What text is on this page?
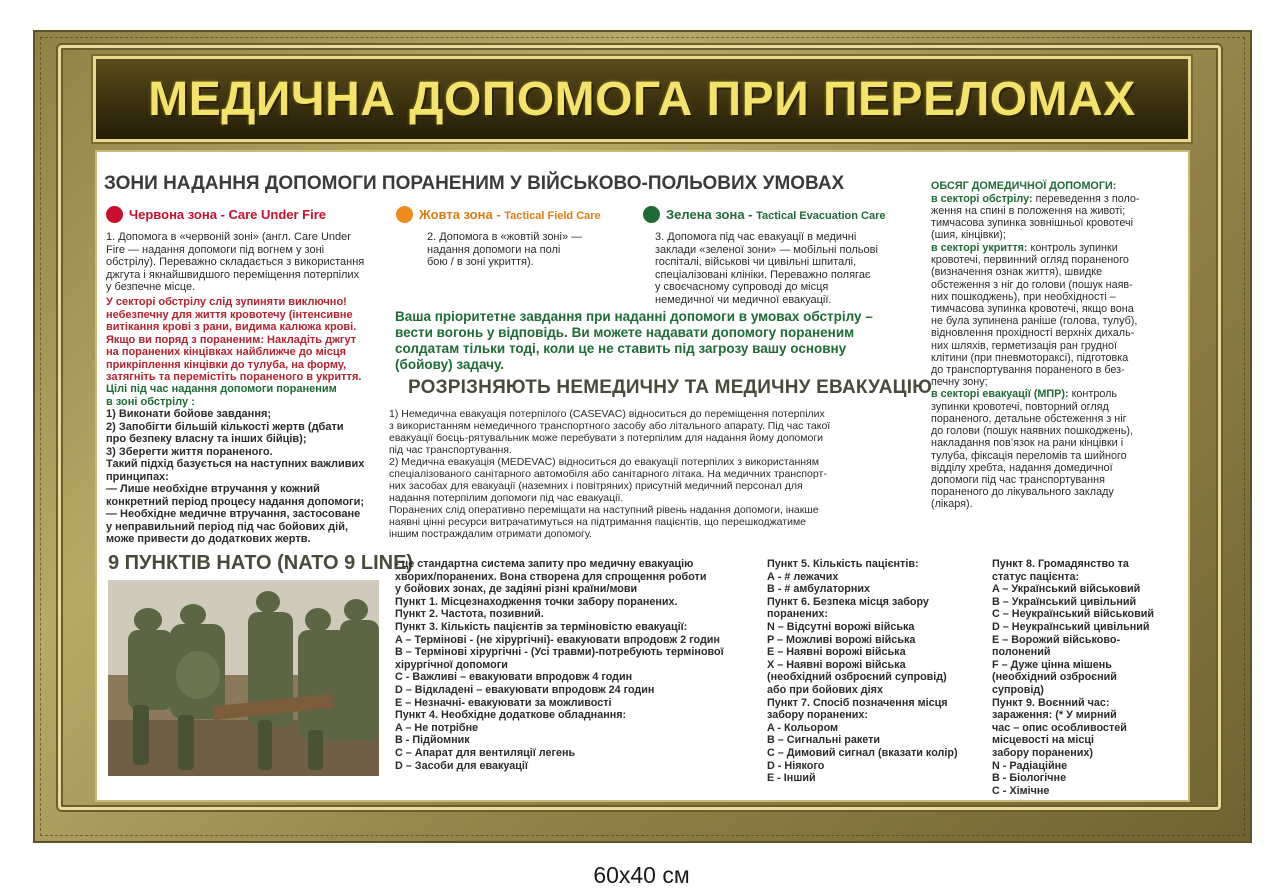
МЕДИЧНА ДОПОМОГА ПРИ ПЕРЕЛОМАХ
ЗОНИ НАДАННЯ ДОПОМОГИ ПОРАНЕНИМ У ВІЙСЬКОВО-ПОЛЬОВИХ УМОВАХ
Червона зона - Care Under Fire	Жовта зона - Tactical Field Care	Зелена зона - Tactical Evacuation Care
1. Допомога в «червоній зоні» (англ. Care Under
Fire — надання допомоги під вогнем у зоні
обстрілу). Переважно складається з використання
джгута і якнайшвидшого переміщення потерпілих
у безпечне місце.
У секторі обстрілу слід зупиняти виключно!
небезпечну для життя кровотечу (інтенсивне
витікання крові з рани, видима калюжа крові.
Якщо ви поряд з пораненим: Накладіть джгут
на поранених кінцівках найближче до місця
прикріплення кінцівки до тулуба, на форму,
затягніть та перемістіть пораненого в укриття.
Цілі під час надання допомоги пораненим
в зоні обстрілу :
1) Виконати бойове завдання;
2) Запобігти більшій кількості жертв (дбати
про безпеку власну та інших бійців);
3) Зберегти життя пораненого.
Такий підхід базується на наступних важливих
принципах:
— Лише необхідне втручання у кожний
конкретний період процесу надання допомоги;
— Необхідне медичне втручання, застосоване
у неправильний період під час бойових дій,
може привести до додаткових жертв.
2. Допомога в «жовтій зоні» —
надання допомоги на полі
бою / в зоні укриття).
3. Допомога під час евакуації в медичні
заклади «зеленої зони» — мобільні польові
госпіталі, військові чи цивільні шпиталі,
спеціалізовані клініки. Переважно полягає
у своєчасному супроводі до місця
немедичної чи медичної евакуації.
Ваша пріоритетне завдання при наданні допомоги в умовах обстрілу –
вести вогонь у відповідь. Ви можете надавати допомогу пораненим
солдатам тільки тоді, коли це не ставить під загрозу вашу основну
(бойову) задачу.
РОЗРІЗНЯЮТЬ НЕМЕДИЧНУ ТА МЕДИЧНУ ЕВАКУАЦІЮ
1) Немедична евакуація потерпілого (CASEVAC) відноситься до переміщення потерпілих
з використанням немедичного транспортного засобу або літального апарату. Під час такої
евакуації боєць-рятувальник може перебувати з потерпілим для надання йому допомоги
під час транспортування.
2) Медична евакуація (MEDEVAC) відноситься до евакуації потерпілих з використанням
спеціалізованого санітарного автомобіля або санітарного літака. На медичних транспорт-
них засобах для евакуації (наземних і повітряних) присутній медичний персонал для
надання потерпілим допомоги під час евакуації.
Поранених слід оперативно переміщати на наступний рівень надання допомоги, інакше
наявні цінні ресурси витрачатимуться на підтримання пацієнтів, що перешкоджатиме
іншим постраждалим отримати допомогу.
ОБСЯГ ДОМЕДИЧНОЇ ДОПОМОГИ:
в секторі обстрілу: переведення з поло-
ження на спині в положення на животі;
тимчасова зупинка зовнішньої кровотечі
(шия, кінцівки);
в секторі укриття: контроль зупинки
кровотечі, первинний огляд пораненого
(визначення ознак життя), швидке
обстеження з ніг до голови (пошук наяв-
них пошкоджень), при необхідності –
тимчасова зупинка кровотечі, якщо вона
не була зупинена раніше (голова, тулуб),
відновлення прохідності верхніх дихаль-
них шляхів, герметизація ран грудної
клітини (при пневмотораксі), підготовка
до транспортування пораненого в без-
печну зону;
в секторі евакуації (МПР): контроль
зупинки кровотечі, повторний огляд
пораненого, детальне обстеження з ніг
до голови (пошук наявних пошкоджень),
накладання пов’язок на рани кінцівки і
тулуба, фіксація переломів та шийного
відділу хребта, надання домедичної
допомоги під час транспортування
пораненого до лікувального закладу
(лікаря).
9 ПУНКТІВ НАТО (NATO 9 LINE)
- це стандартна система запиту про медичну евакуацію
хворих/поранених. Вона створена для спрощення роботи
у бойових зонах, де задіяні різні країни/мови
Пункт 1. Місцезнаходження точки забору поранених.
Пункт 2. Частота, позивний.
Пункт 3. Кількість пацієнтів за терміновістю евакуації:
A – Термінові - (не хірургічні)- евакуювати впродовж 2 годин
B – Термінові хірургічні - (Усі травми)-потребують термінової
хірургічної допомоги
C - Важливі – евакуювати впродовж 4 годин
D – Відкладені – евакуювати впродовж 24 годин
E – Незначні- евакуювати за можливості
Пункт 4. Необхідне додаткове обладнання:
A – Не потрібне
B - Підйомник
C – Апарат для вентиляції легень
D – Засоби для евакуації
Пункт 5. Кількість пацієнтів:
А - # лежачих
В - # амбулаторних
Пункт 6. Безпека місця забору
поранених:
N – Відсутні ворожі війська
P – Можливі ворожі війська
E – Наявні ворожі війська
X – Наявні ворожі війська
(необхідний озброєний супровід)
або при бойових діях
Пункт 7. Спосіб позначення місця
забору поранених:
A - Кольором
B – Сигнальні ракети
C – Димовий сигнал (вказати колір)
D - Ніякого
E - Інший
Пункт 8. Громадянство та
статус пацієнта:
A – Український військовий
B – Український цивільний
C – Неукраїнський військовий
D – Неукраїнський цивільний
E – Ворожий військово-
полонений
F – Дуже цінна мішень
(необхідний озброєний
супровід)
Пункт 9. Воєнний час:
зараження: (* У мирний
час – опис особливостей
місцевості на місці
забору поранених)
N - Радіаційне
B - Біологічне
C - Хімічне
60х40 см
